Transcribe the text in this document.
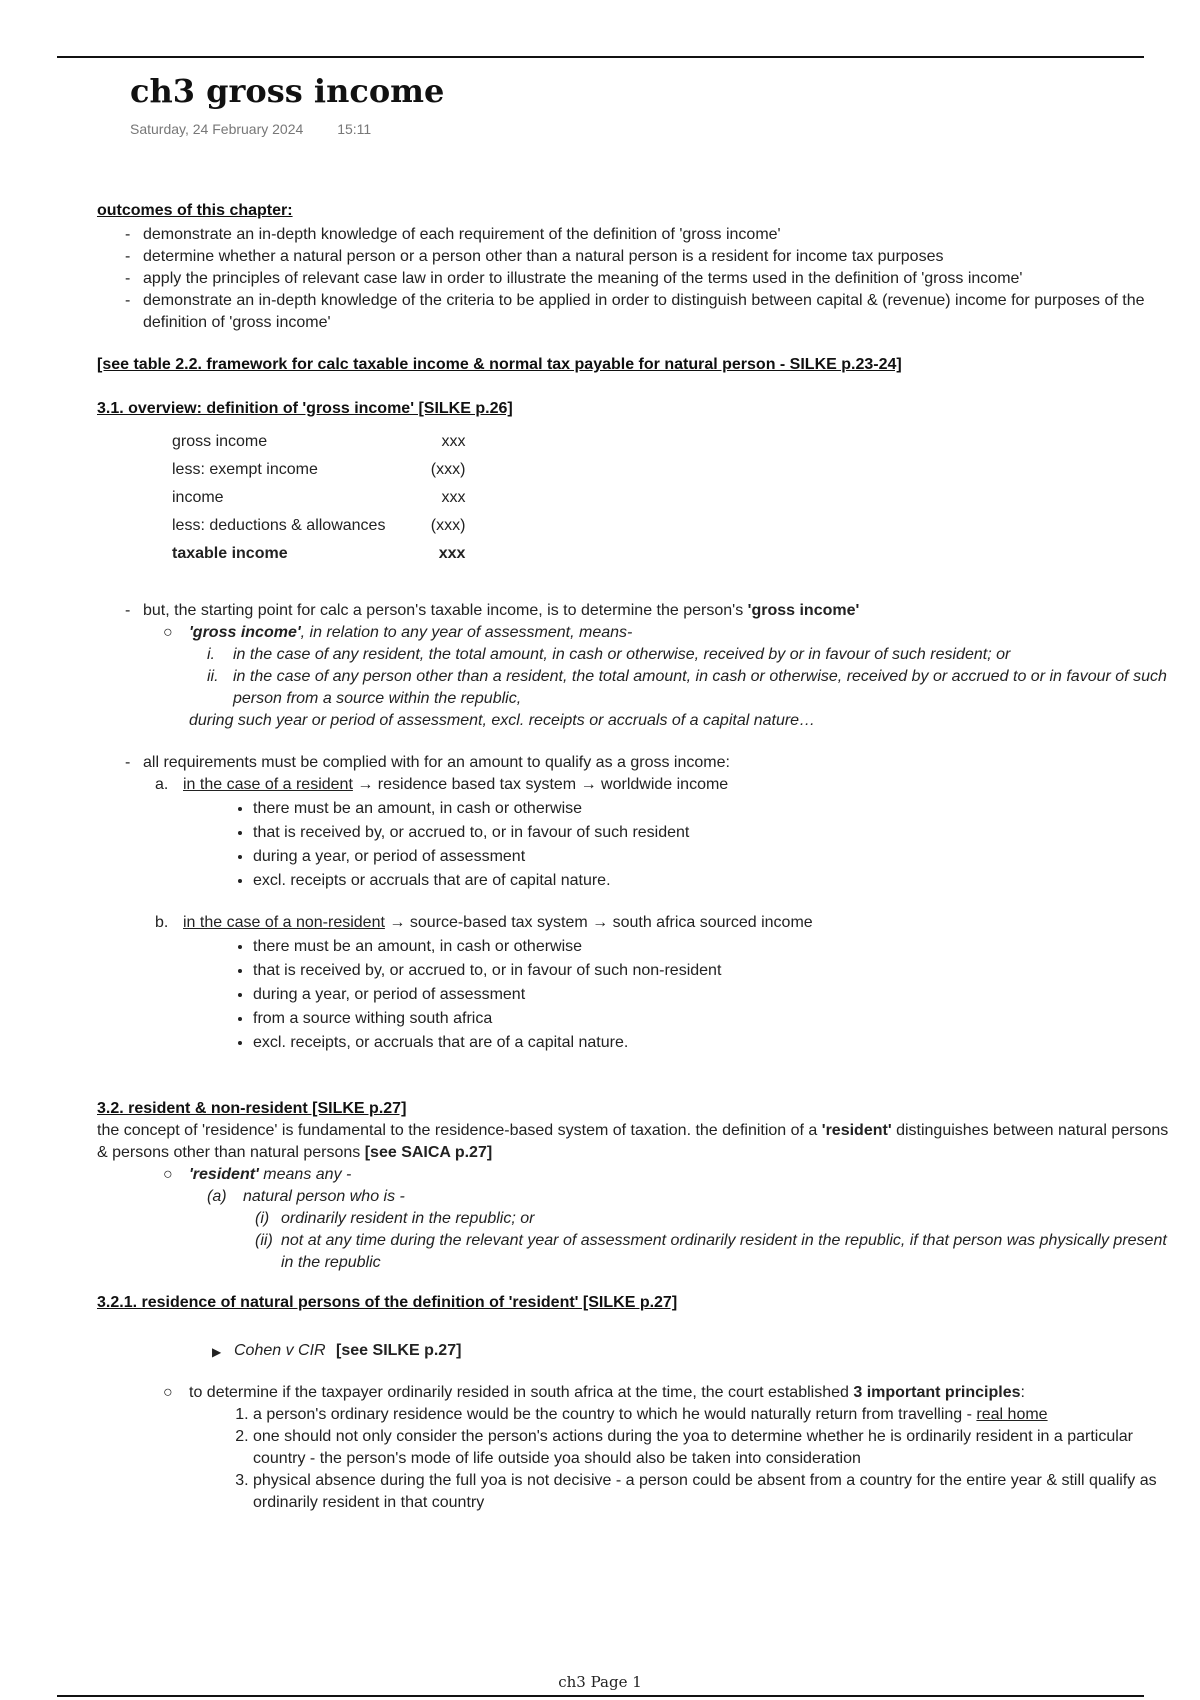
ch3 gross income
Saturday, 24 February 2024 15:11
outcomes of this chapter:
- demonstrate an in-depth knowledge of each requirement of the definition of 'gross income'
- determine whether a natural person or a person other than a natural person is a resident for income tax purposes
- apply the principles of relevant case law in order to illustrate the meaning of the terms used in the definition of 'gross income'
- demonstrate an in-depth knowledge of the criteria to be applied in order to distinguish between capital & (revenue) income for purposes of the definition of 'gross income'
[see table 2.2. framework for calc taxable income & normal tax payable for natural person - SILKE p.23-24]
3.1. overview: definition of 'gross income' [SILKE p.26]
gross income	xxx
less: exempt income	(xxx)
income	xxx
less: deductions & allowances	(xxx)
taxable income	xxx
- but, the starting point for calc a person's taxable income, is to determine the person's 'gross income'
○ 'gross income', in relation to any year of assessment, means-
i. in the case of any resident, the total amount, in cash or otherwise, received by or in favour of such resident; or
ii. in the case of any person other than a resident, the total amount, in cash or otherwise, received by or accrued to or in favour of such person from a source within the republic,
during such year or period of assessment, excl. receipts or accruals of a capital nature…
- all requirements must be complied with for an amount to qualify as a gross income:
a. in the case of a resident → residence based tax system → worldwide income
• there must be an amount, in cash or otherwise
• that is received by, or accrued to, or in favour of such resident
• during a year, or period of assessment
• excl. receipts or accruals that are of capital nature.
b. in the case of a non-resident → source-based tax system → south africa sourced income
• there must be an amount, in cash or otherwise
• that is received by, or accrued to, or in favour of such non-resident
• during a year, or period of assessment
• from a source withing south africa
• excl. receipts, or accruals that are of a capital nature.
3.2. resident & non-resident [SILKE p.27]
the concept of 'residence' is fundamental to the residence-based system of taxation. the definition of a 'resident' distinguishes between natural persons & persons other than natural persons [see SAICA p.27]
○ 'resident' means any -
(a) natural person who is -
(i) ordinarily resident in the republic; or
(ii) not at any time during the relevant year of assessment ordinarily resident in the republic, if that person was physically present in the republic
3.2.1. residence of natural persons of the definition of 'resident' [SILKE p.27]
▶ Cohen v CIR [see SILKE p.27]
○ to determine if the taxpayer ordinarily resided in south africa at the time, the court established 3 important principles:
1. a person's ordinary residence would be the country to which he would naturally return from travelling - real home
2. one should not only consider the person's actions during the yoa to determine whether he is ordinarily resident in a particular country - the person's mode of life outside yoa should also be taken into consideration
3. physical absence during the full yoa is not decisive - a person could be absent from a country for the entire year & still qualify as ordinarily resident in that country
ch3 Page 1
